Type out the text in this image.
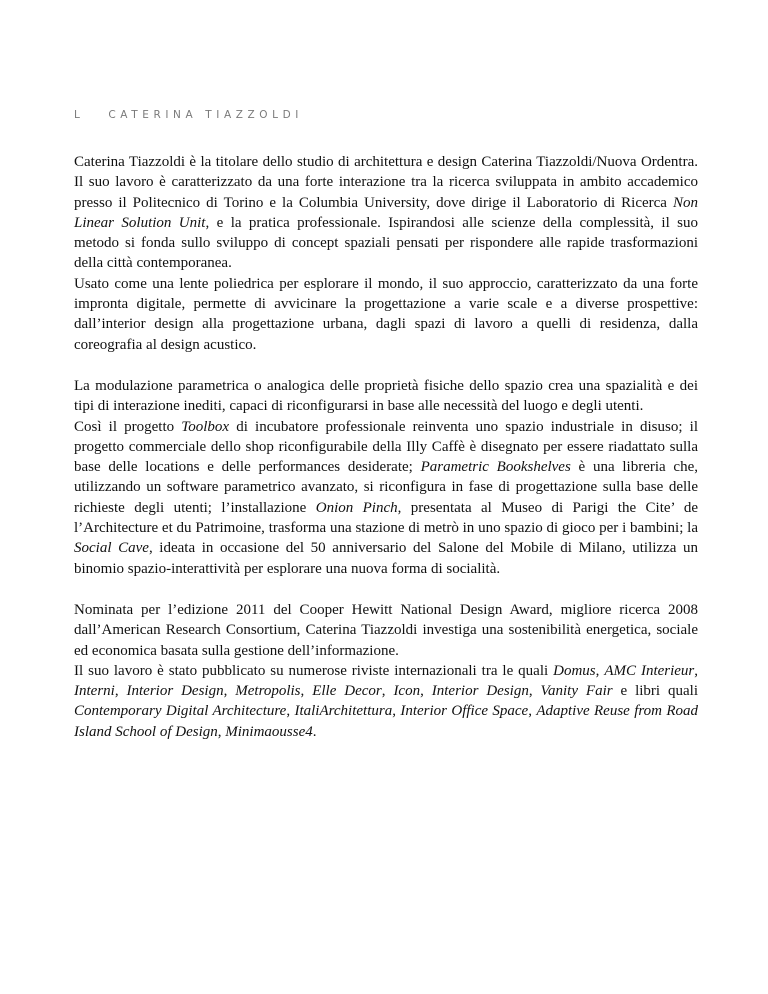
L CATERINA TIAZZOLDI

Caterina Tiazzoldi è la titolare dello studio di architettura e design Caterina Tiazzoldi/Nuova Ordentra. Il suo lavoro è caratterizzato da una forte interazione tra la ricerca sviluppata in ambito accademico presso il Politecnico di Torino e la Columbia University, dove dirige il Laboratorio di Ricerca Non Linear Solution Unit, e la pratica professionale. Ispirandosi alle scienze della complessità, il suo metodo si fonda sullo sviluppo di concept spaziali pensati per rispondere alle rapide trasformazioni della città contemporanea.

Usato come una lente poliedrica per esplorare il mondo, il suo approccio, caratterizzato da una forte impronta digitale, permette di avvicinare la progettazione a varie scale e a diverse prospettive: dall’interior design alla progettazione urbana, dagli spazi di lavoro a quelli di residenza, dalla coreografia al design acustico.

La modulazione parametrica o analogica delle proprietà fisiche dello spazio crea una spazialità e dei tipi di interazione inediti, capaci di riconfigurarsi in base alle necessità del luogo e degli utenti.

Così il progetto Toolbox di incubatore professionale reinventa uno spazio industriale in disuso; il progetto commerciale dello shop riconfigurabile della Illy Caffè è disegnato per essere riadattato sulla base delle locations e delle performances desiderate; Parametric Bookshelves è una libreria che, utilizzando un software parametrico avanzato, si riconfigura in fase di progettazione sulla base delle richieste degli utenti; l’installazione Onion Pinch, presentata al Museo di Parigi the Cite’ de l’Architecture et du Patrimoine, trasforma una stazione di metrò in uno spazio di gioco per i bambini; la Social Cave, ideata in occasione del 50 anniversario del Salone del Mobile di Milano, utilizza un binomio spazio-interattività per esplorare una nuova forma di socialità.

Nominata per l’edizione 2011 del Cooper Hewitt National Design Award, migliore ricerca 2008 dall’American Research Consortium, Caterina Tiazzoldi investiga una sostenibilità energetica, sociale ed economica basata sulla gestione dell’informazione.

Il suo lavoro è stato pubblicato su numerose riviste internazionali tra le quali Domus, AMC Interieur, Interni, Interior Design, Metropolis, Elle Decor, Icon, Interior Design, Vanity Fair e libri quali Contemporary Digital Architecture, ItaliArchitettura, Interior Office Space, Adaptive Reuse from Road Island School of Design, Minimaousse4.
